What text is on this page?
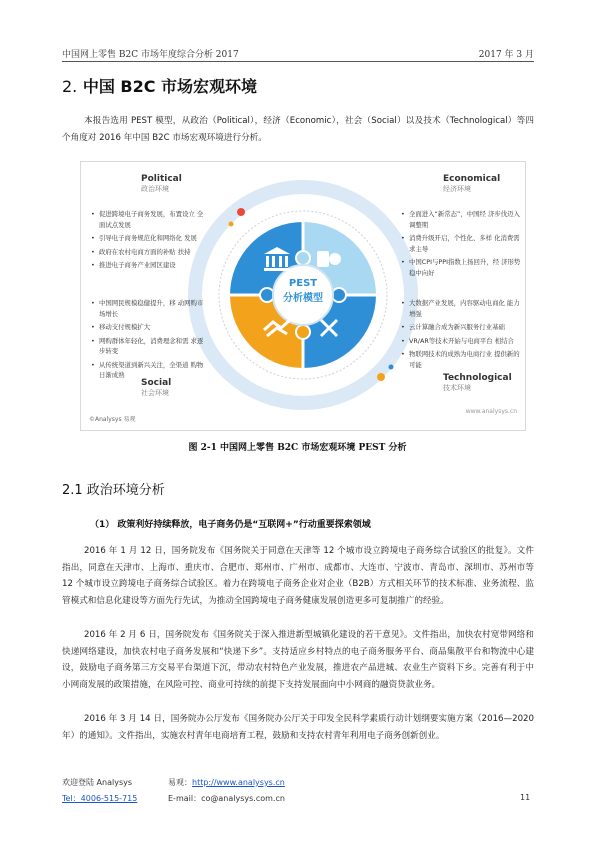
中国网上零售 B2C 市场年度综合分析 2017	2017 年 3 月
2. 中国 B2C 市场宏观环境
本报告选用 PEST 模型，从政治（Political），经济（Economic），社会（Social）以及技术（Technological）等四个角度对 2016 年中国 B2C 市场宏观环境进行分析。
PEST
分析模型
Political
政治环境
• 促进跨境电子商务发展，布置设立 全面试点发展
• 引导电子商务规范化和网络化 发展
• 政府在农村电商方面的补贴 扶持
• 推进电子商务产业园区建设
Economical
经济环境
• 全面进入“新常态”，中国经 济步伐迈入调整期
• 消费升级开启，个性化、多样 化消费需求主导
• 中国CPI与PPI指数上扬回升，经 济形势稳中向好
• 中国网民规模稳健提升，移 动网购市场增长
• 移动支付规模扩大
• 网购群体年轻化，消费理念和需 求逐步转变
• 从传统渠道到新兴关注，全渠道 购物日渐成熟
Social
社会环境
• 大数据产业发展，内容驱动电商化 能力增强
• 云计算融合成为新兴服务行业基础
• VR/AR等技术开始与电商平台 相结合
• 物联网技术的成熟为电商行业 提供新的可能
Technological
技术环境
©Analysys 易观
www.analysys.cn
图 2-1 中国网上零售 B2C 市场宏观环境 PEST 分析
2.1 政治环境分析
（1） 政策利好持续释放，电子商务仍是“互联网+”行动重要探索领域
2016 年 1 月 12 日，国务院发布《国务院关于同意在天津等 12 个城市设立跨境电子商务综合试验区的批复》。文件指出，同意在天津市、上海市、重庆市、合肥市、郑州市、广州市、成都市、大连市、宁波市、青岛市、深圳市、苏州市等 12 个城市设立跨境电子商务综合试验区。着力在跨境电子商务企业对企业（B2B）方式相关环节的技术标准、业务流程、监管模式和信息化建设等方面先行先试，为推动全国跨境电子商务健康发展创造更多可复制推广的经验。
2016 年 2 月 6 日，国务院发布《国务院关于深入推进新型城镇化建设的若干意见》。文件指出，加快农村宽带网络和快递网络建设，加快农村电子商务发展和“快递下乡”。支持适应乡村特点的电子商务服务平台、商品集散平台和物流中心建设，鼓励电子商务第三方交易平台渠道下沉，带动农村特色产业发展，推进农产品进城、农业生产资料下乡。完善有利于中小网商发展的政策措施，在风险可控、商业可持续的前提下支持发展面向中小网商的融资贷款业务。
2016 年 3 月 14 日，国务院办公厅发布《国务院办公厅关于印发全民科学素质行动计划纲要实施方案（2016—2020 年）的通知》。文件指出，实施农村青年电商培育工程，鼓励和支持农村青年利用电子商务创新创业。
欢迎登陆 Analysys	易观：http://www.analysys.cn
Tel：4006-515-715	E-mail：co@analysys.com.cn	11
